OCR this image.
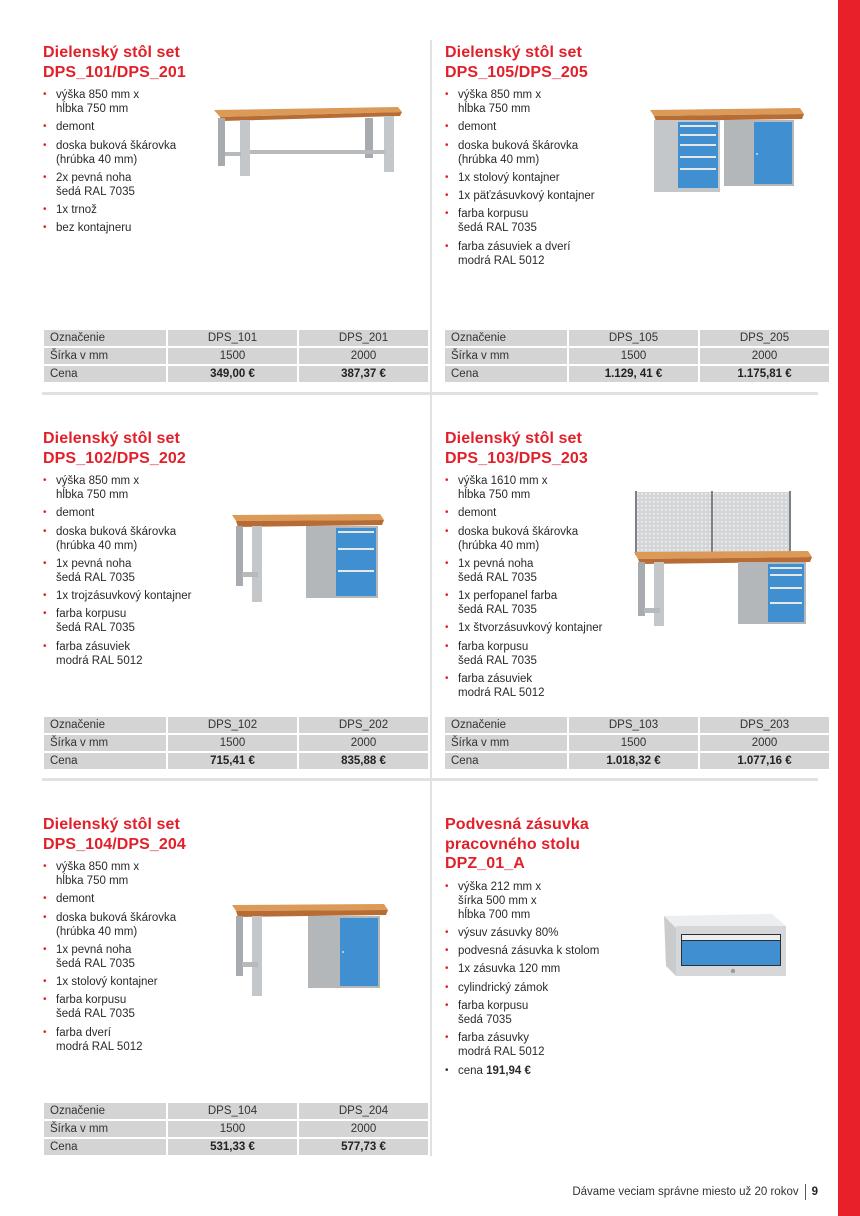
Dielenský stôl set
DPS_101/DPS_201
• výška 850 mm x
hĺbka 750 mm
• demont
• doska buková škárovka
(hrúbka 40 mm)
• 2x pevná noha
šedá RAL 7035
• 1x trnož
• bez kontajneru
Označenie	DPS_101	DPS_201
Šírka v mm	1500	2000
Cena	349,00 €	387,37 €
Dielenský stôl set
DPS_105/DPS_205
• výška 850 mm x
hĺbka 750 mm
• demont
• doska buková škárovka
(hrúbka 40 mm)
• 1x stolový kontajner
• 1x päťzásuvkový kontajner
• farba korpusu
šedá RAL 7035
• farba zásuviek a dverí
modrá RAL 5012
Označenie	DPS_105	DPS_205
Šírka v mm	1500	2000
Cena	1.129, 41 €	1.175,81 €
Dielenský stôl set
DPS_102/DPS_202
• výška 850 mm x
hĺbka 750 mm
• demont
• doska buková škárovka
(hrúbka 40 mm)
• 1x pevná noha
šedá RAL 7035
• 1x trojzásuvkový kontajner
• farba korpusu
šedá RAL 7035
• farba zásuviek
modrá RAL 5012
Označenie	DPS_102	DPS_202
Šírka v mm	1500	2000
Cena	715,41 €	835,88 €
Dielenský stôl set
DPS_103/DPS_203
• výška 1610 mm x
hĺbka 750 mm
• demont
• doska buková škárovka
(hrúbka 40 mm)
• 1x pevná noha
šedá RAL 7035
• 1x perfopanel farba
šedá RAL 7035
• 1x štvorzásuvkový kontajner
• farba korpusu
šedá RAL 7035
• farba zásuviek
modrá RAL 5012
Označenie	DPS_103	DPS_203
Šírka v mm	1500	2000
Cena	1.018,32 €	1.077,16 €
Dielenský stôl set
DPS_104/DPS_204
• výška 850 mm x
hĺbka 750 mm
• demont
• doska buková škárovka
(hrúbka 40 mm)
• 1x pevná noha
šedá RAL 7035
• 1x stolový kontajner
• farba korpusu
šedá RAL 7035
• farba dverí
modrá RAL 5012
Označenie	DPS_104	DPS_204
Šírka v mm	1500	2000
Cena	531,33 €	577,73 €
Podvesná zásuvka
pracovného stolu
DPZ_01_A
• výška 212 mm x
šírka 500 mm x
hĺbka 700 mm
• výsuv zásuvky 80%
• podvesná zásuvka k stolom
• 1x zásuvka 120 mm
• cylindrický zámok
• farba korpusu
šedá 7035
• farba zásuvky
modrá RAL 5012
• cena 191,94 €
Dávame veciam správne miesto už 20 rokov 9
